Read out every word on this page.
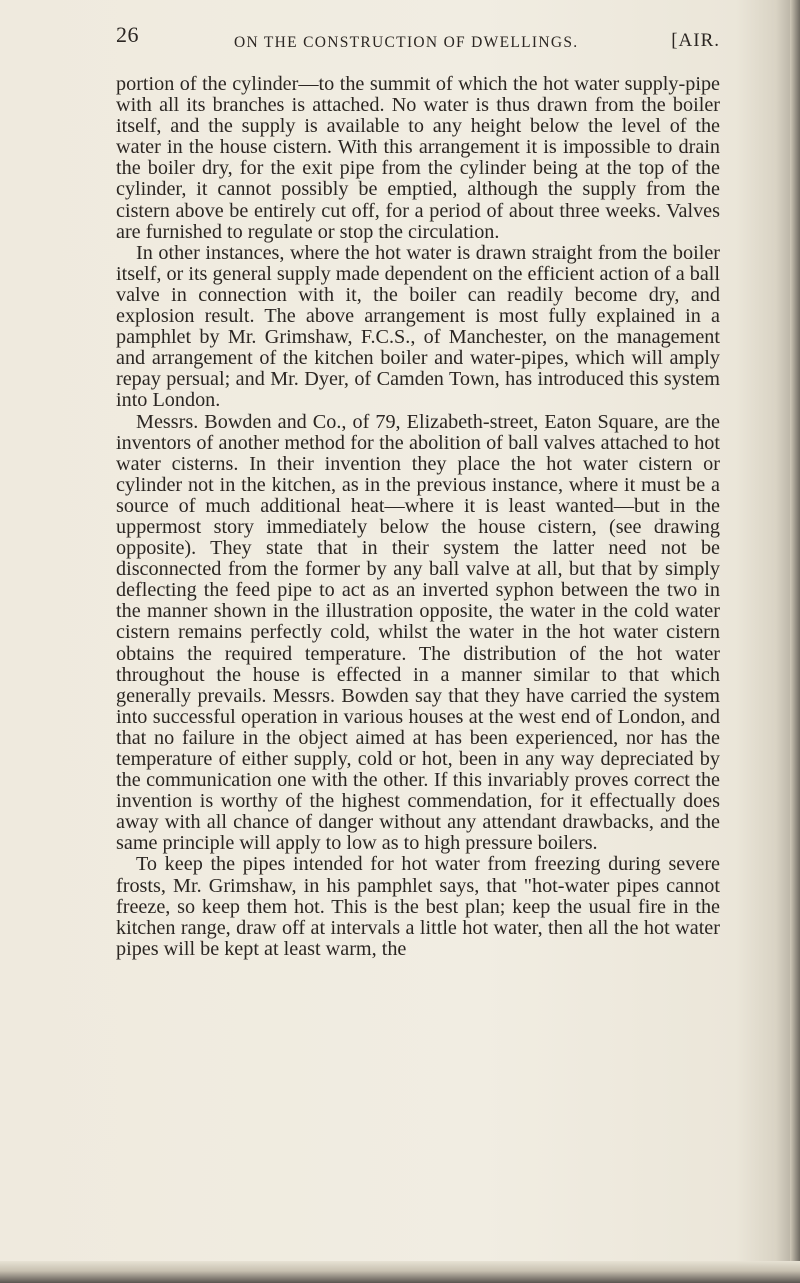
26	ON THE CONSTRUCTION OF DWELLINGS.	[AIR.

portion of the cylinder—to the summit of which the hot water supply-pipe with all its branches is attached. No water is thus drawn from the boiler itself, and the supply is available to any height below the level of the water in the house cistern. With this arrangement it is impossible to drain the boiler dry, for the exit pipe from the cylinder being at the top of the cylinder, it cannot possibly be emptied, although the supply from the cistern above be entirely cut off, for a period of about three weeks. Valves are furnished to regulate or stop the circulation.

In other instances, where the hot water is drawn straight from the boiler itself, or its general supply made dependent on the efficient action of a ball valve in connection with it, the boiler can readily become dry, and explosion result. The above arrangement is most fully explained in a pamphlet by Mr. Grimshaw, F.C.S., of Manchester, on the management and arrangement of the kitchen boiler and water-pipes, which will amply repay persual; and Mr. Dyer, of Camden Town, has introduced this system into London.

Messrs. Bowden and Co., of 79, Elizabeth-street, Eaton Square, are the inventors of another method for the abolition of ball valves attached to hot water cisterns. In their invention they place the hot water cistern or cylinder not in the kitchen, as in the previous instance, where it must be a source of much additional heat—where it is least wanted—but in the uppermost story immediately below the house cistern, (see drawing opposite). They state that in their system the latter need not be disconnected from the former by any ball valve at all, but that by simply deflecting the feed pipe to act as an inverted syphon between the two in the manner shown in the illustration opposite, the water in the cold water cistern remains perfectly cold, whilst the water in the hot water cistern obtains the required temperature. The distribution of the hot water throughout the house is effected in a manner similar to that which generally prevails. Messrs. Bowden say that they have carried the system into successful operation in various houses at the west end of London, and that no failure in the object aimed at has been experienced, nor has the temperature of either supply, cold or hot, been in any way depreciated by the communication one with the other. If this invariably proves correct the invention is worthy of the highest commendation, for it effectually does away with all chance of danger without any attendant drawbacks, and the same principle will apply to low as to high pressure boilers.

To keep the pipes intended for hot water from freezing during severe frosts, Mr. Grimshaw, in his pamphlet says, that "hot-water pipes cannot freeze, so keep them hot. This is the best plan; keep the usual fire in the kitchen range, draw off at intervals a little hot water, then all the hot water pipes will be kept at least warm, the
